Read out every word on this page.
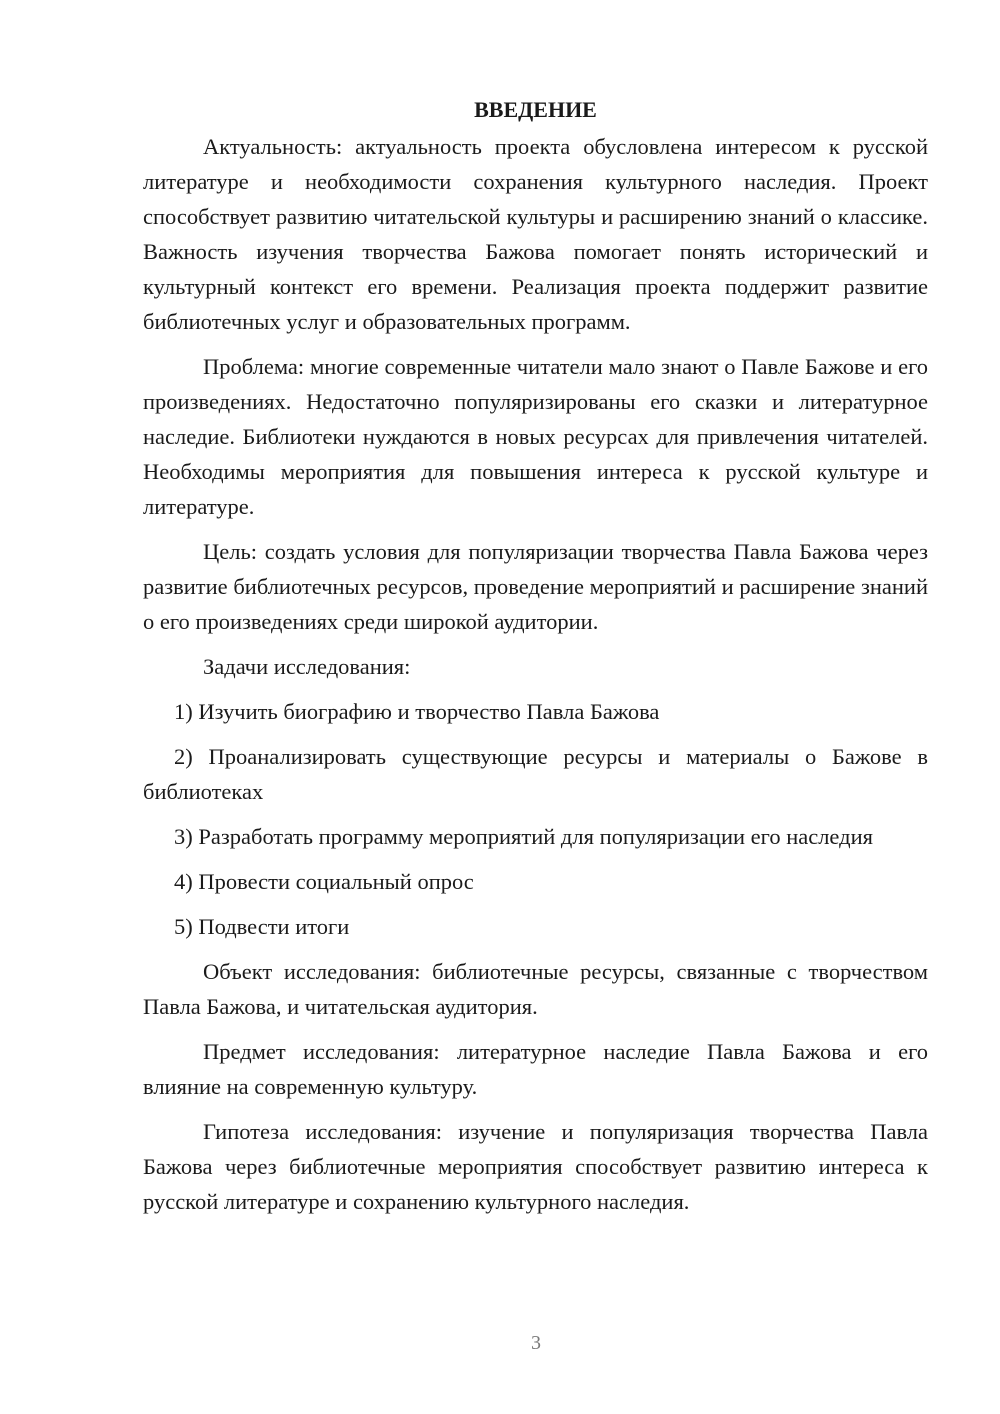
ВВЕДЕНИЕ

Актуальность: актуальность проекта обусловлена интересом к русской литературе и необходимости сохранения культурного наследия. Проект способствует развитию читательской культуры и расширению знаний о классике. Важность изучения творчества Бажова помогает понять исторический и культурный контекст его времени. Реализация проекта поддержит развитие библиотечных услуг и образовательных программ.

Проблема: многие современные читатели мало знают о Павле Бажове и его произведениях. Недостаточно популяризированы его сказки и литературное наследие. Библиотеки нуждаются в новых ресурсах для привлечения читателей. Необходимы мероприятия для повышения интереса к русской культуре и литературе.

Цель: создать условия для популяризации творчества Павла Бажова через развитие библиотечных ресурсов, проведение мероприятий и расширение знаний о его произведениях среди широкой аудитории.

Задачи исследования:

1) Изучить биографию и творчество Павла Бажова

2) Проанализировать существующие ресурсы и материалы о Бажове в библиотеках

3) Разработать программу мероприятий для популяризации его наследия

4) Провести социальный опрос

5) Подвести итоги

Объект исследования: библиотечные ресурсы, связанные с творчеством Павла Бажова, и читательская аудитория.

Предмет исследования: литературное наследие Павла Бажова и его влияние на современную культуру.

Гипотеза исследования: изучение и популяризация творчества Павла Бажова через библиотечные мероприятия способствует развитию интереса к русской литературе и сохранению культурного наследия.

3
